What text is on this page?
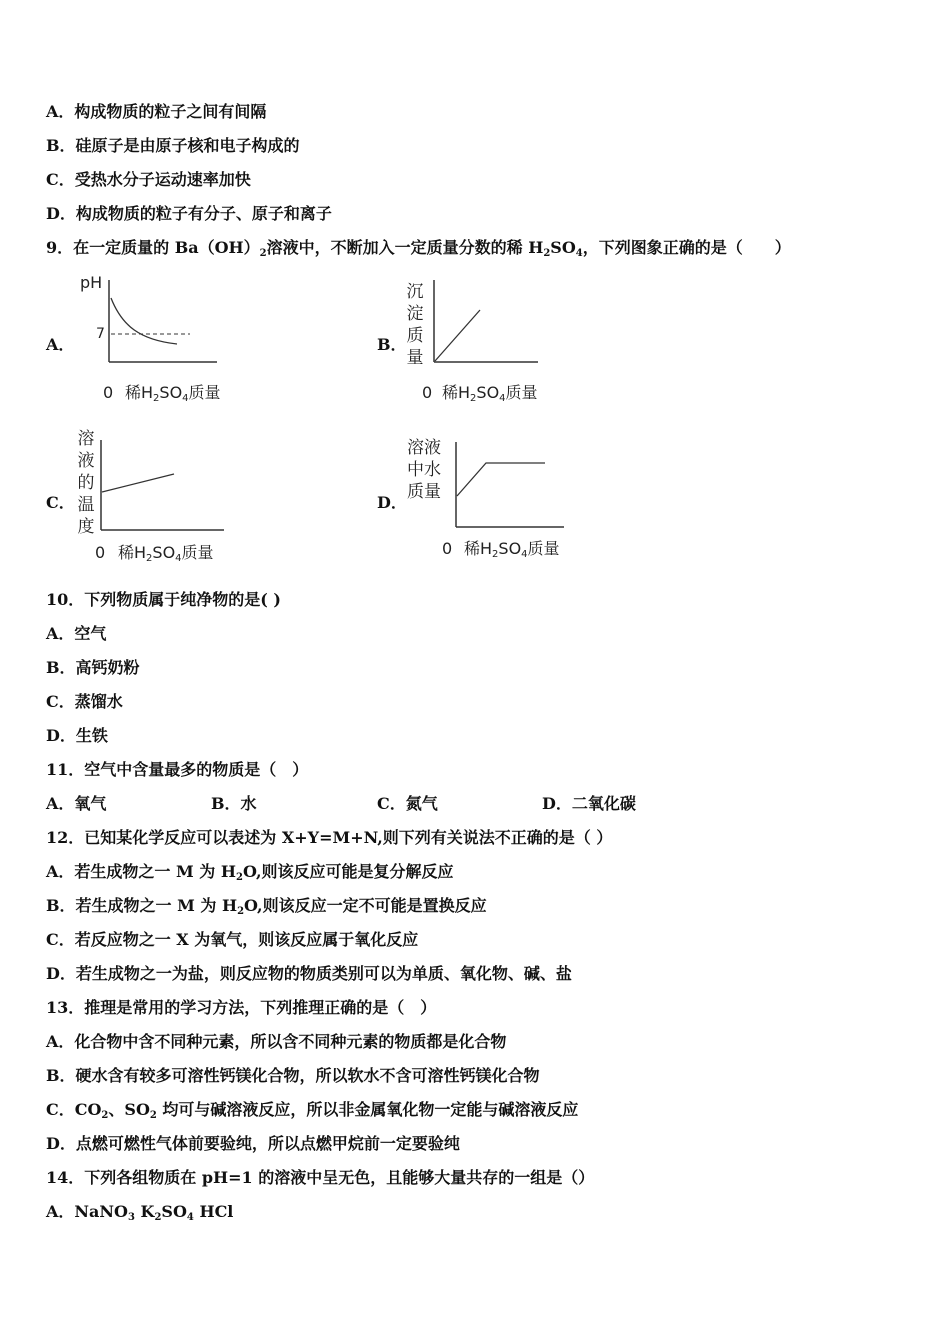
A．构成物质的粒子之间有间隔
B．硅原子是由原子核和电子构成的
C．受热水分子运动速率加快
D．构成物质的粒子有分子、原子和离子
9．在一定质量的 $Ba(OH)_2$溶液中，不断加入一定质量分数的稀 $H_2SO_4$，下列图象正确的是（　　）
A．
pH
7
0 稀H2SO4质量
B．
沉淀质量
0 稀H2SO4质量
C．
溶液的温度
0 稀H2SO4质量
D．
溶液
中水
质量
0 稀H2SO4质量
10．下列物质属于纯净物的是( )
A．空气
B．高钙奶粉
C．蒸馏水
D．生铁
11．空气中含量最多的物质是（　）
A．氧气	B．水	C．氮气	D．二氧化碳
12．已知某化学反应可以表述为 X+Y=M+N,则下列有关说法不正确的是（ ）
A．若生成物之一 M 为 $H_2O$,则该反应可能是复分解反应
B．若生成物之一 M 为 $H_2O$,则该反应一定不可能是置换反应
C．若反应物之一 X 为氧气，则该反应属于氧化反应
D．若生成物之一为盐，则反应物的物质类别可以为单质、氧化物、碱、盐
13．推理是常用的学习方法，下列推理正确的是（　）
A．化合物中含不同种元素，所以含不同种元素的物质都是化合物
B．硬水含有较多可溶性钙镁化合物，所以软水不含可溶性钙镁化合物
C．$CO_2$、$SO_2$ 均可与碱溶液反应，所以非金属氧化物一定能与碱溶液反应
D．点燃可燃性气体前要验纯，所以点燃甲烷前一定要验纯
14．下列各组物质在 pH=1 的溶液中呈无色，且能够大量共存的一组是（）
A．NaNO$_3$ $K_2SO_4$ HCl
